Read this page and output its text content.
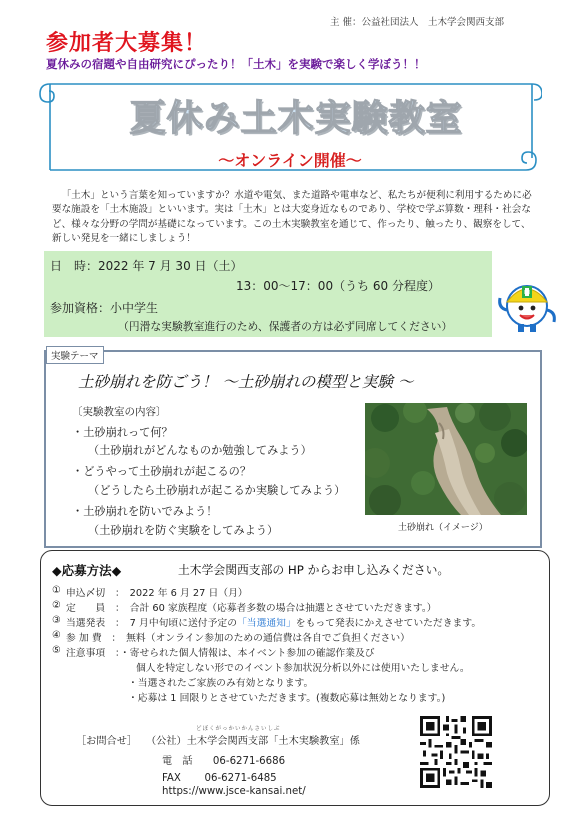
主 催：公益社団法人　土木学会関西支部
参加者大募集！
夏休みの宿題や自由研究にぴったり！「土木」を実験で楽しく学ぼう！！
夏休み土木実験教室
～オンライン開催～

「土木」という言葉を知っていますか？水道や電気、また道路や電車など、私たちが便利に利用するために必要な施設を「土木施設」といいます。実は「土木」とは大変身近なものであり、学校で学ぶ算数・理科・社会など、様々な分野の学問が基礎になっています。この土木実験教室を通じて、作ったり、触ったり、観察をして、新しい発見を一緒にしましょう！

日　時：2022 年 7 月 30 日（土）
13：00～17：00（うち 60 分程度）
参加資格：小中学生
（円滑な実験教室進行のため、保護者の方は必ず同席してください）
実験テーマ
土砂崩れを防ごう！ ～土砂崩れの模型と実験 ～
〔実験教室の内容〕
・土砂崩れって何？
（土砂崩れがどんなものか勉強してみよう）
・どうやって土砂崩れが起こるの？
（どうしたら土砂崩れが起こるか実験してみよう）
・土砂崩れを防いでみよう！
（土砂崩れを防ぐ実験をしてみよう）	土砂崩れ（イメージ）
◆応募方法◆	土木学会関西支部の HP からお申し込みください。
① 申込〆切　：　2022 年 6 月 27 日（月）
② 定　　員　：　合計 60 家族程度（応募者多数の場合は抽選とさせていただきます。）
③ 当選発表　：　7 月中旬頃に送付予定の「当選通知」をもって発表にかえさせていただきます。
④ 参 加 費　：　無料（オンライン参加のための通信費は各自でご負担ください）
⑤ 注意事項　：・寄せられた個人情報は、本イベント参加の確認作業及び
個人を特定しない形でのイベント参加状況分析以外には使用いたしません。
・当選されたご家族のみ有効となります。
・応募は 1 回限りとさせていただきます。(複数応募は無効となります。)
どぼくがっかいかんさいしぶ
［お問合せ］ （公社）土木学会関西支部「土木実験教室」係
電　話　　06-6271-6686
FAX　　 06-6271-6485
https://www.jsce-kansai.net/
